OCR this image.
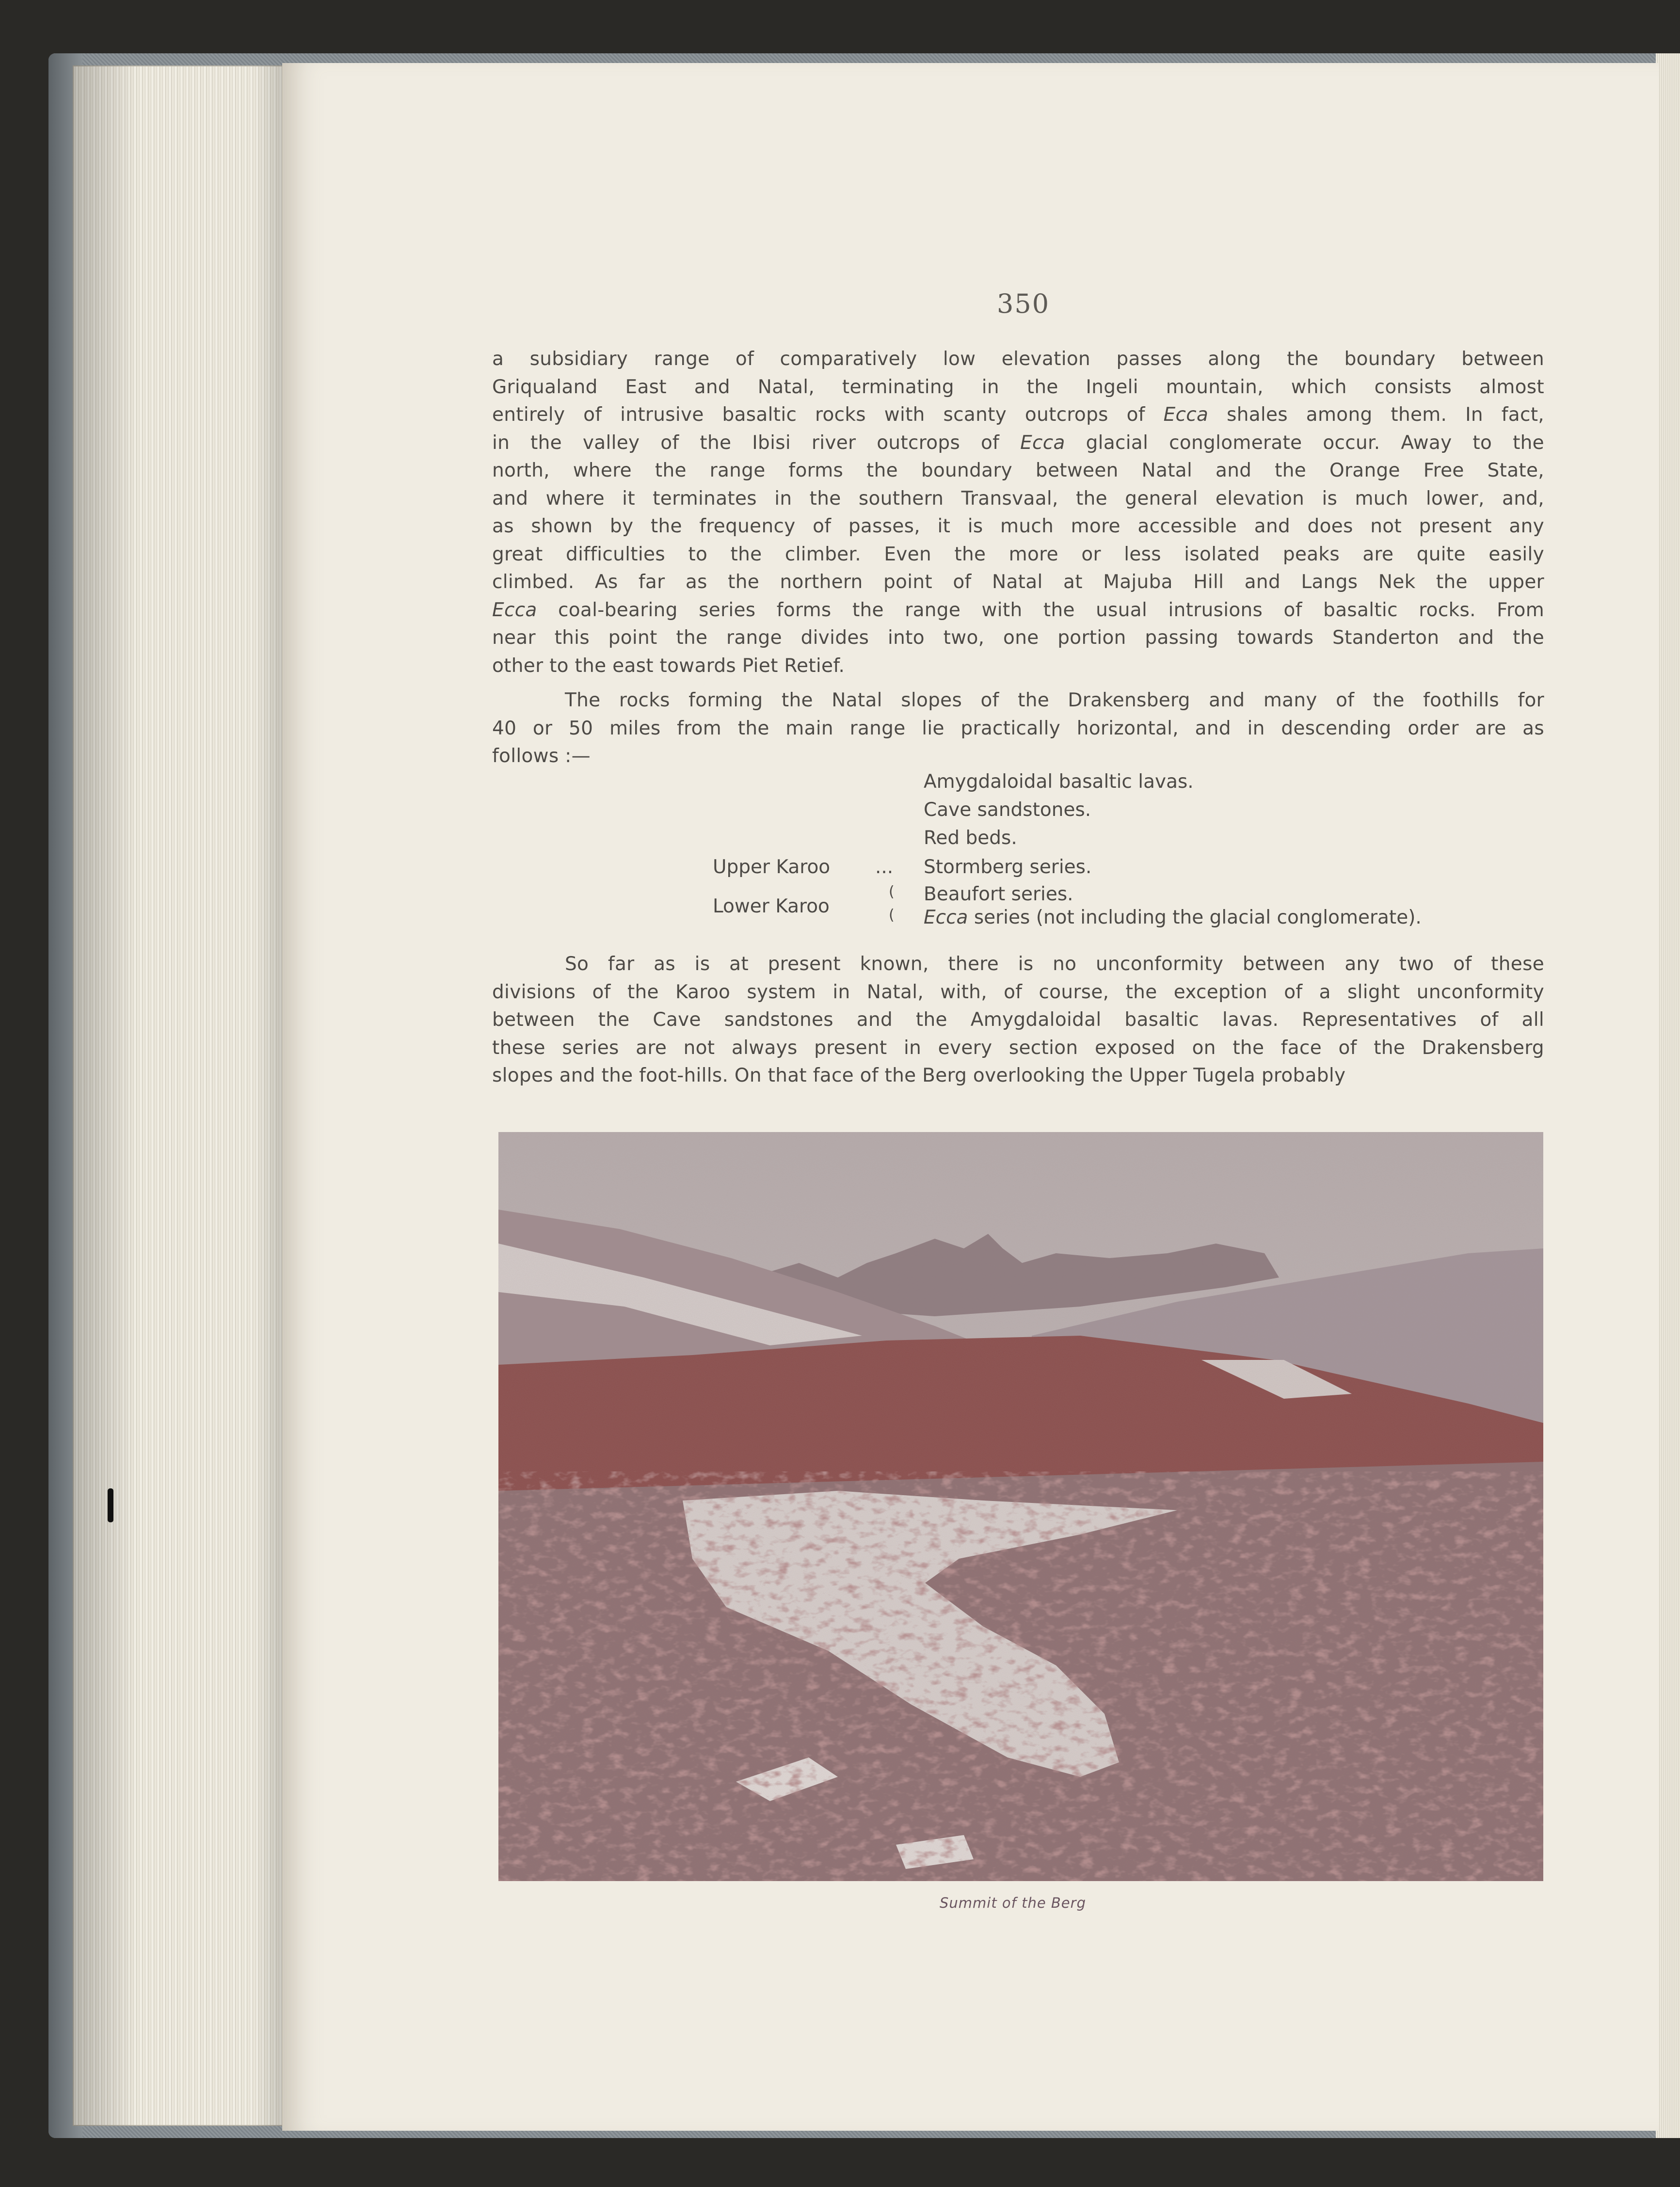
350

a subsidiary range of comparatively low elevation passes along the boundary between
Griqualand East and Natal, terminating in the Ingeli mountain, which consists almost
entirely of intrusive basaltic rocks with scanty outcrops of Ecca shales among them. In fact,
in the valley of the Ibisi river outcrops of Ecca glacial conglomerate occur. Away to the
north, where the range forms the boundary between Natal and the Orange Free State,
and where it terminates in the southern Transvaal, the general elevation is much lower, and,
as shown by the frequency of passes, it is much more accessible and does not present any
great difficulties to the climber. Even the more or less isolated peaks are quite easily
climbed. As far as the northern point of Natal at Majuba Hill and Langs Nek the upper
Ecca coal-bearing series forms the range with the usual intrusions of basaltic rocks. From
near this point the range divides into two, one portion passing towards Standerton and the
other to the east towards Piet Retief.

The rocks forming the Natal slopes of the Drakensberg and many of the foothills for
40 or 50 miles from the main range lie practically horizontal, and in descending order are as
follows :—

Amygdaloidal basaltic lavas.
Cave sandstones.
Red beds.
Upper Karoo ... Stormberg series.
Lower Karoo
(
(
Beaufort series.
Ecca series (not including the glacial conglomerate).

So far as is at present known, there is no unconformity between any two of these
divisions of the Karoo system in Natal, with, of course, the exception of a slight unconformity
between the Cave sandstones and the Amygdaloidal basaltic lavas. Representatives of all
these series are not always present in every section exposed on the face of the Drakensberg
slopes and the foot-hills. On that face of the Berg overlooking the Upper Tugela probably

Summit of the Berg
